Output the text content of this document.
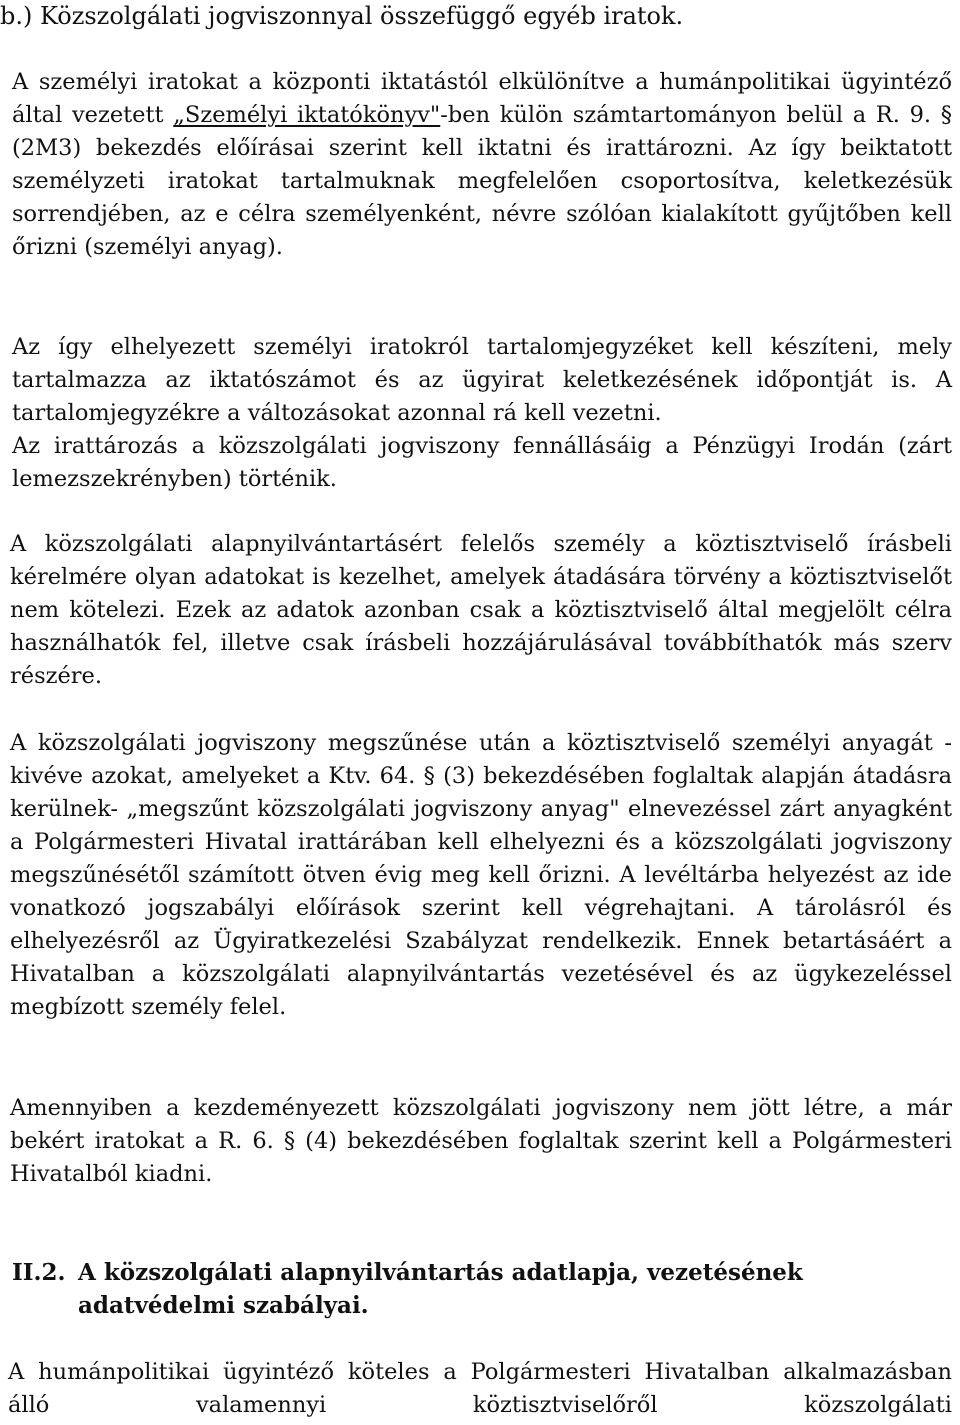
b.) Közszolgálati jogviszonnyal összefüggő egyéb iratok.
A személyi iratokat a központi iktatástól elkülönítve a humánpolitikai ügyintéző által vezetett „Személyi iktatókönyv"-ben külön számtartományon belül a R. 9. § (2M3) bekezdés előírásai szerint kell iktatni és irattározni. Az így beiktatott személyzeti iratokat tartalmuknak megfelelően csoportosítva, keletkezésük sorrendjében, az e célra személyenként, névre szólóan kialakított gyűjtőben kell őrizni (személyi anyag).
Az így elhelyezett személyi iratokról tartalomjegyzéket kell készíteni, mely tartalmazza az iktatószámot és az ügyirat keletkezésének időpontját is. A tartalomjegyzékre a változásokat azonnal rá kell vezetni.
Az irattározás a közszolgálati jogviszony fennállásáig a Pénzügyi Irodán (zárt lemezszekrényben) történik.
A közszolgálati alapnyilvántartásért felelős személy a köztisztviselő írásbeli kérelmére olyan adatokat is kezelhet, amelyek átadására törvény a köztisztviselőt nem kötelezi. Ezek az adatok azonban csak a köztisztviselő által megjelölt célra használhatók fel, illetve csak írásbeli hozzájárulásával továbbíthatók más szerv részére.
A közszolgálati jogviszony megszűnése után a köztisztviselő személyi anyagát -kivéve azokat, amelyeket a Ktv. 64. § (3) bekezdésében foglaltak alapján átadásra kerülnek- „megszűnt közszolgálati jogviszony anyag" elnevezéssel zárt anyagként a Polgármesteri Hivatal irattárában kell elhelyezni és a közszolgálati jogviszony megszűnésétől számított ötven évig meg kell őrizni. A levéltárba helyezést az ide vonatkozó jogszabályi előírások szerint kell végrehajtani. A tárolásról és elhelyezésről az Ügyiratkezelési Szabályzat rendelkezik. Ennek betartásáért a Hivatalban a közszolgálati alapnyilvántartás vezetésével és az ügykezeléssel megbízott személy felel.
Amennyiben a kezdeményezett közszolgálati jogviszony nem jött létre, a már bekért iratokat a R. 6. § (4) bekezdésében foglaltak szerint kell a Polgármesteri Hivatalból kiadni.
II.2. A közszolgálati alapnyilvántartás adatlapja, vezetésének adatvédelmi szabályai.
A humánpolitikai ügyintéző köteles a Polgármesteri Hivatalban alkalmazásban álló valamennyi köztisztviselőről közszolgálati
